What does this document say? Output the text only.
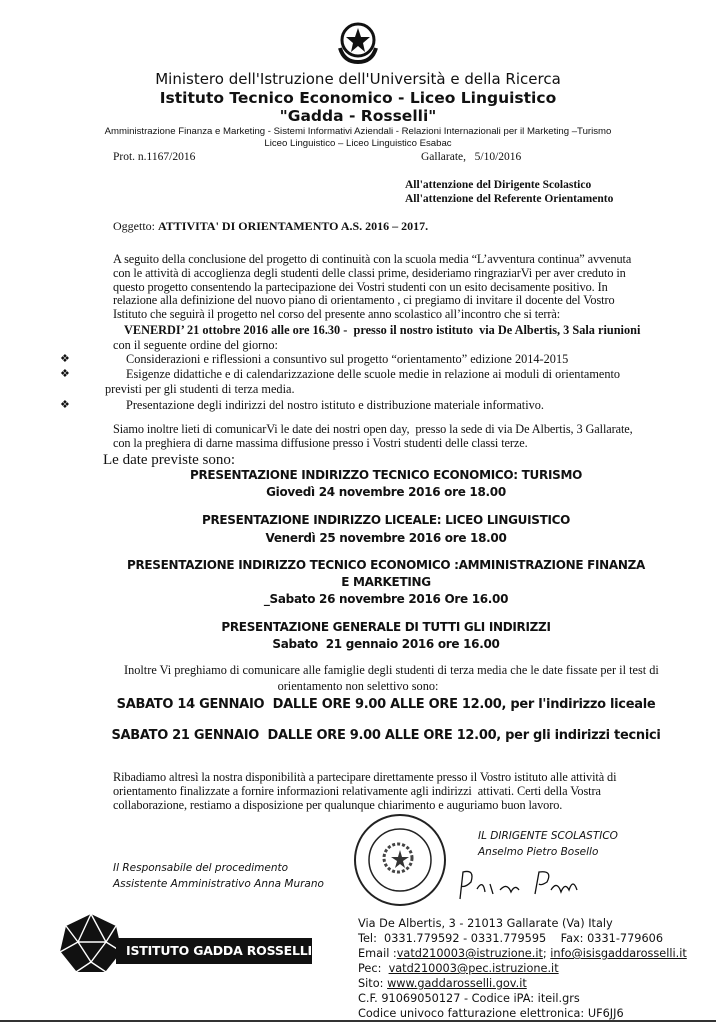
Ministero dell'Istruzione dell'Università e della Ricerca
Istituto Tecnico Economico - Liceo Linguistico
"Gadda - Rosselli"
Amministrazione Finanza e Marketing - Sistemi Informativi Aziendali - Relazioni Internazionali per il Marketing –Turismo
Liceo Linguistico – Liceo Linguistico Esabac
Prot. n.1167/2016	Gallarate,   5/10/2016
All'attenzione del Dirigente Scolastico
All'attenzione del Referente Orientamento
Oggetto: ATTIVITA' DI ORIENTAMENTO A.S. 2016 – 2017.
A seguito della conclusione del progetto di continuità con la scuola media “L’avventura continua” avvenuta
con le attività di accoglienza degli studenti delle classi prime, desideriamo ringraziarVi per aver creduto in
questo progetto consentendo la partecipazione dei Vostri studenti con un esito decisamente positivo. In
relazione alla definizione del nuovo piano di orientamento , ci pregiamo di invitare il docente del Vostro
Istituto che seguirà il progetto nel corso del presente anno scolastico all’incontro che si terrà:
VENERDI’ 21 ottobre 2016 alle ore 16.30 -  presso il nostro istituto  via De Albertis, 3 Sala riunioni
con il seguente ordine del giorno:
❖	Considerazioni e riflessioni a consuntivo sul progetto “orientamento” edizione 2014-2015
❖	Esigenze didattiche e di calendarizzazione delle scuole medie in relazione ai moduli di orientamento
previsti per gli studenti di terza media.
❖	Presentazione degli indirizzi del nostro istituto e distribuzione materiale informativo.
Siamo inoltre lieti di comunicarVi le date dei nostri open day,  presso la sede di via De Albertis, 3 Gallarate,
con la preghiera di darne massima diffusione presso i Vostri studenti delle classi terze.
Le date previste sono:
PRESENTAZIONE INDIRIZZO TECNICO ECONOMICO: TURISMO
Giovedì 24 novembre 2016 ore 18.00
PRESENTAZIONE INDIRIZZO LICEALE: LICEO LINGUISTICO
Venerdì 25 novembre 2016 ore 18.00
PRESENTAZIONE INDIRIZZO TECNICO ECONOMICO :AMMINISTRAZIONE FINANZA
E MARKETING
_Sabato 26 novembre 2016 Ore 16.00
PRESENTAZIONE GENERALE DI TUTTI GLI INDIRIZZI
Sabato  21 gennaio 2016 ore 16.00
Inoltre Vi preghiamo di comunicare alle famiglie degli studenti di terza media che le date fissate per il test di
orientamento non selettivo sono:
SABATO 14 GENNAIO  DALLE ORE 9.00 ALLE ORE 12.00, per l'indirizzo liceale
SABATO 21 GENNAIO  DALLE ORE 9.00 ALLE ORE 12.00, per gli indirizzi tecnici
Ribadiamo altresì la nostra disponibilità a partecipare direttamente presso il Vostro istituto alle attività di
orientamento finalizzate a fornire informazioni relativamente agli indirizzi  attivati. Certi della Vostra
collaborazione, restiamo a disposizione per qualunque chiarimento e auguriamo buon lavoro.
IL DIRIGENTE SCOLASTICO
Anselmo Pietro Bosello
Il Responsabile del procedimento
Assistente Amministrativo Anna Murano
ISTITUTO GADDA ROSSELLI
Via De Albertis, 3 - 21013 Gallarate (Va) Italy
Tel:  0331.779592 - 0331.779595    Fax: 0331-779606
Email :vatd210003@istruzione.it; info@isisgaddarosselli.it
Pec:  vatd210003@pec.istruzione.it
Sito: www.gaddarosselli.gov.it
C.F. 91069050127 - Codice iPA: iteil.grs
Codice univoco fatturazione elettronica: UF6JJ6
